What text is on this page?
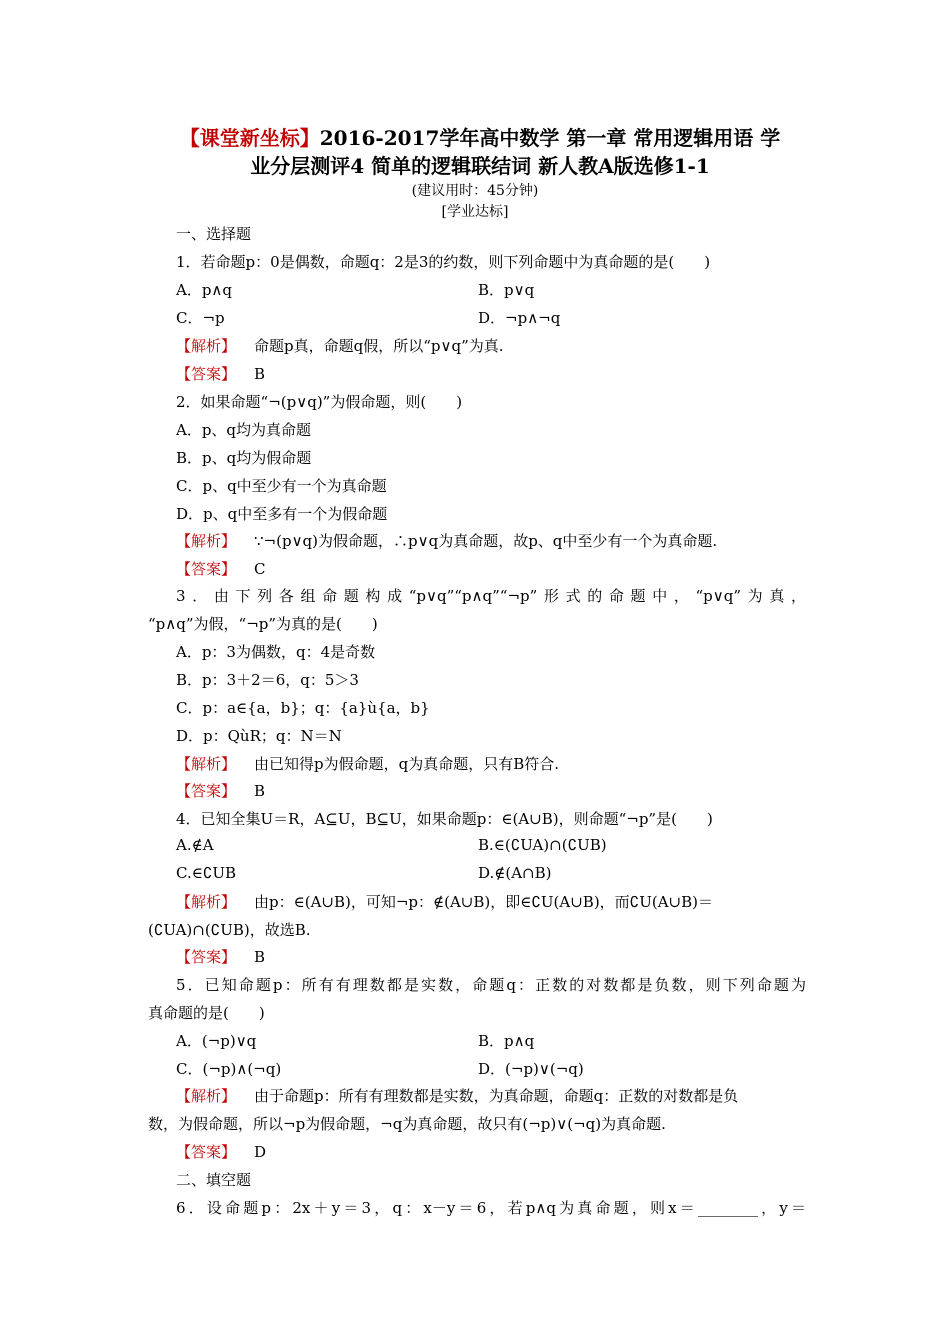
【课堂新坐标】2016-2017学年高中数学 第一章 常用逻辑用语 学
业分层测评4 简单的逻辑联结词 新人教A版选修1-1
(建议用时：45分钟)
[学业达标]
一、选择题
1．若命题p：0是偶数，命题q：2是3的约数，则下列命题中为真命题的是(　　)
A．p∧q	B．p∨q
C．¬p	D．¬p∧¬q
【解析】 命题p真，命题q假，所以“p∨q”为真.
【答案】 B
2．如果命题“¬(p∨q)”为假命题，则(　　)
A．p、q均为真命题
B．p、q均为假命题
C．p、q中至少有一个为真命题
D．p、q中至多有一个为假命题
【解析】 ∵¬(p∨q)为假命题，∴p∨q为真命题，故p、q中至少有一个为真命题.
【答案】 C
3．由下列各组命题构成“p∨q”“p∧q”“¬p”形式的命题中，“p∨q”为真，
“p∧q”为假，“¬p”为真的是(　　)
A．p：3为偶数，q：4是奇数
B．p：3＋2＝6，q：5＞3
C．p：a∈{a，b}；q：{a}ù{a，b}
D．p：QùR；q：N＝N
【解析】 由已知得p为假命题，q为真命题，只有B符合.
【答案】 B
4．已知全集U＝R，A⊆U，B⊆U，如果命题p：∈(A∪B)，则命题“¬p”是(　　)
A.∉A	B.∈(∁UA)∩(∁UB)
C.∈∁UB	D.∉(A∩B)
【解析】 由p：∈(A∪B)，可知¬p：∉(A∪B)，即∈∁U(A∪B)，而∁U(A∪B)＝
(∁UA)∩(∁UB)，故选B.
【答案】 B
5．已知命题p：所有有理数都是实数，命题q：正数的对数都是负数，则下列命题为
真命题的是(　　)
A．(¬p)∨q	B．p∧q
C．(¬p)∧(¬q)	D．(¬p)∨(¬q)
【解析】 由于命题p：所有有理数都是实数，为真命题，命题q：正数的对数都是负
数，为假命题，所以¬p为假命题，¬q为真命题，故只有(¬p)∨(¬q)为真命题.
【答案】 D
二、填空题
6．设命题p：2x＋y＝3，q：x－y＝6，若p∧q为真命题，则x＝________，y＝
